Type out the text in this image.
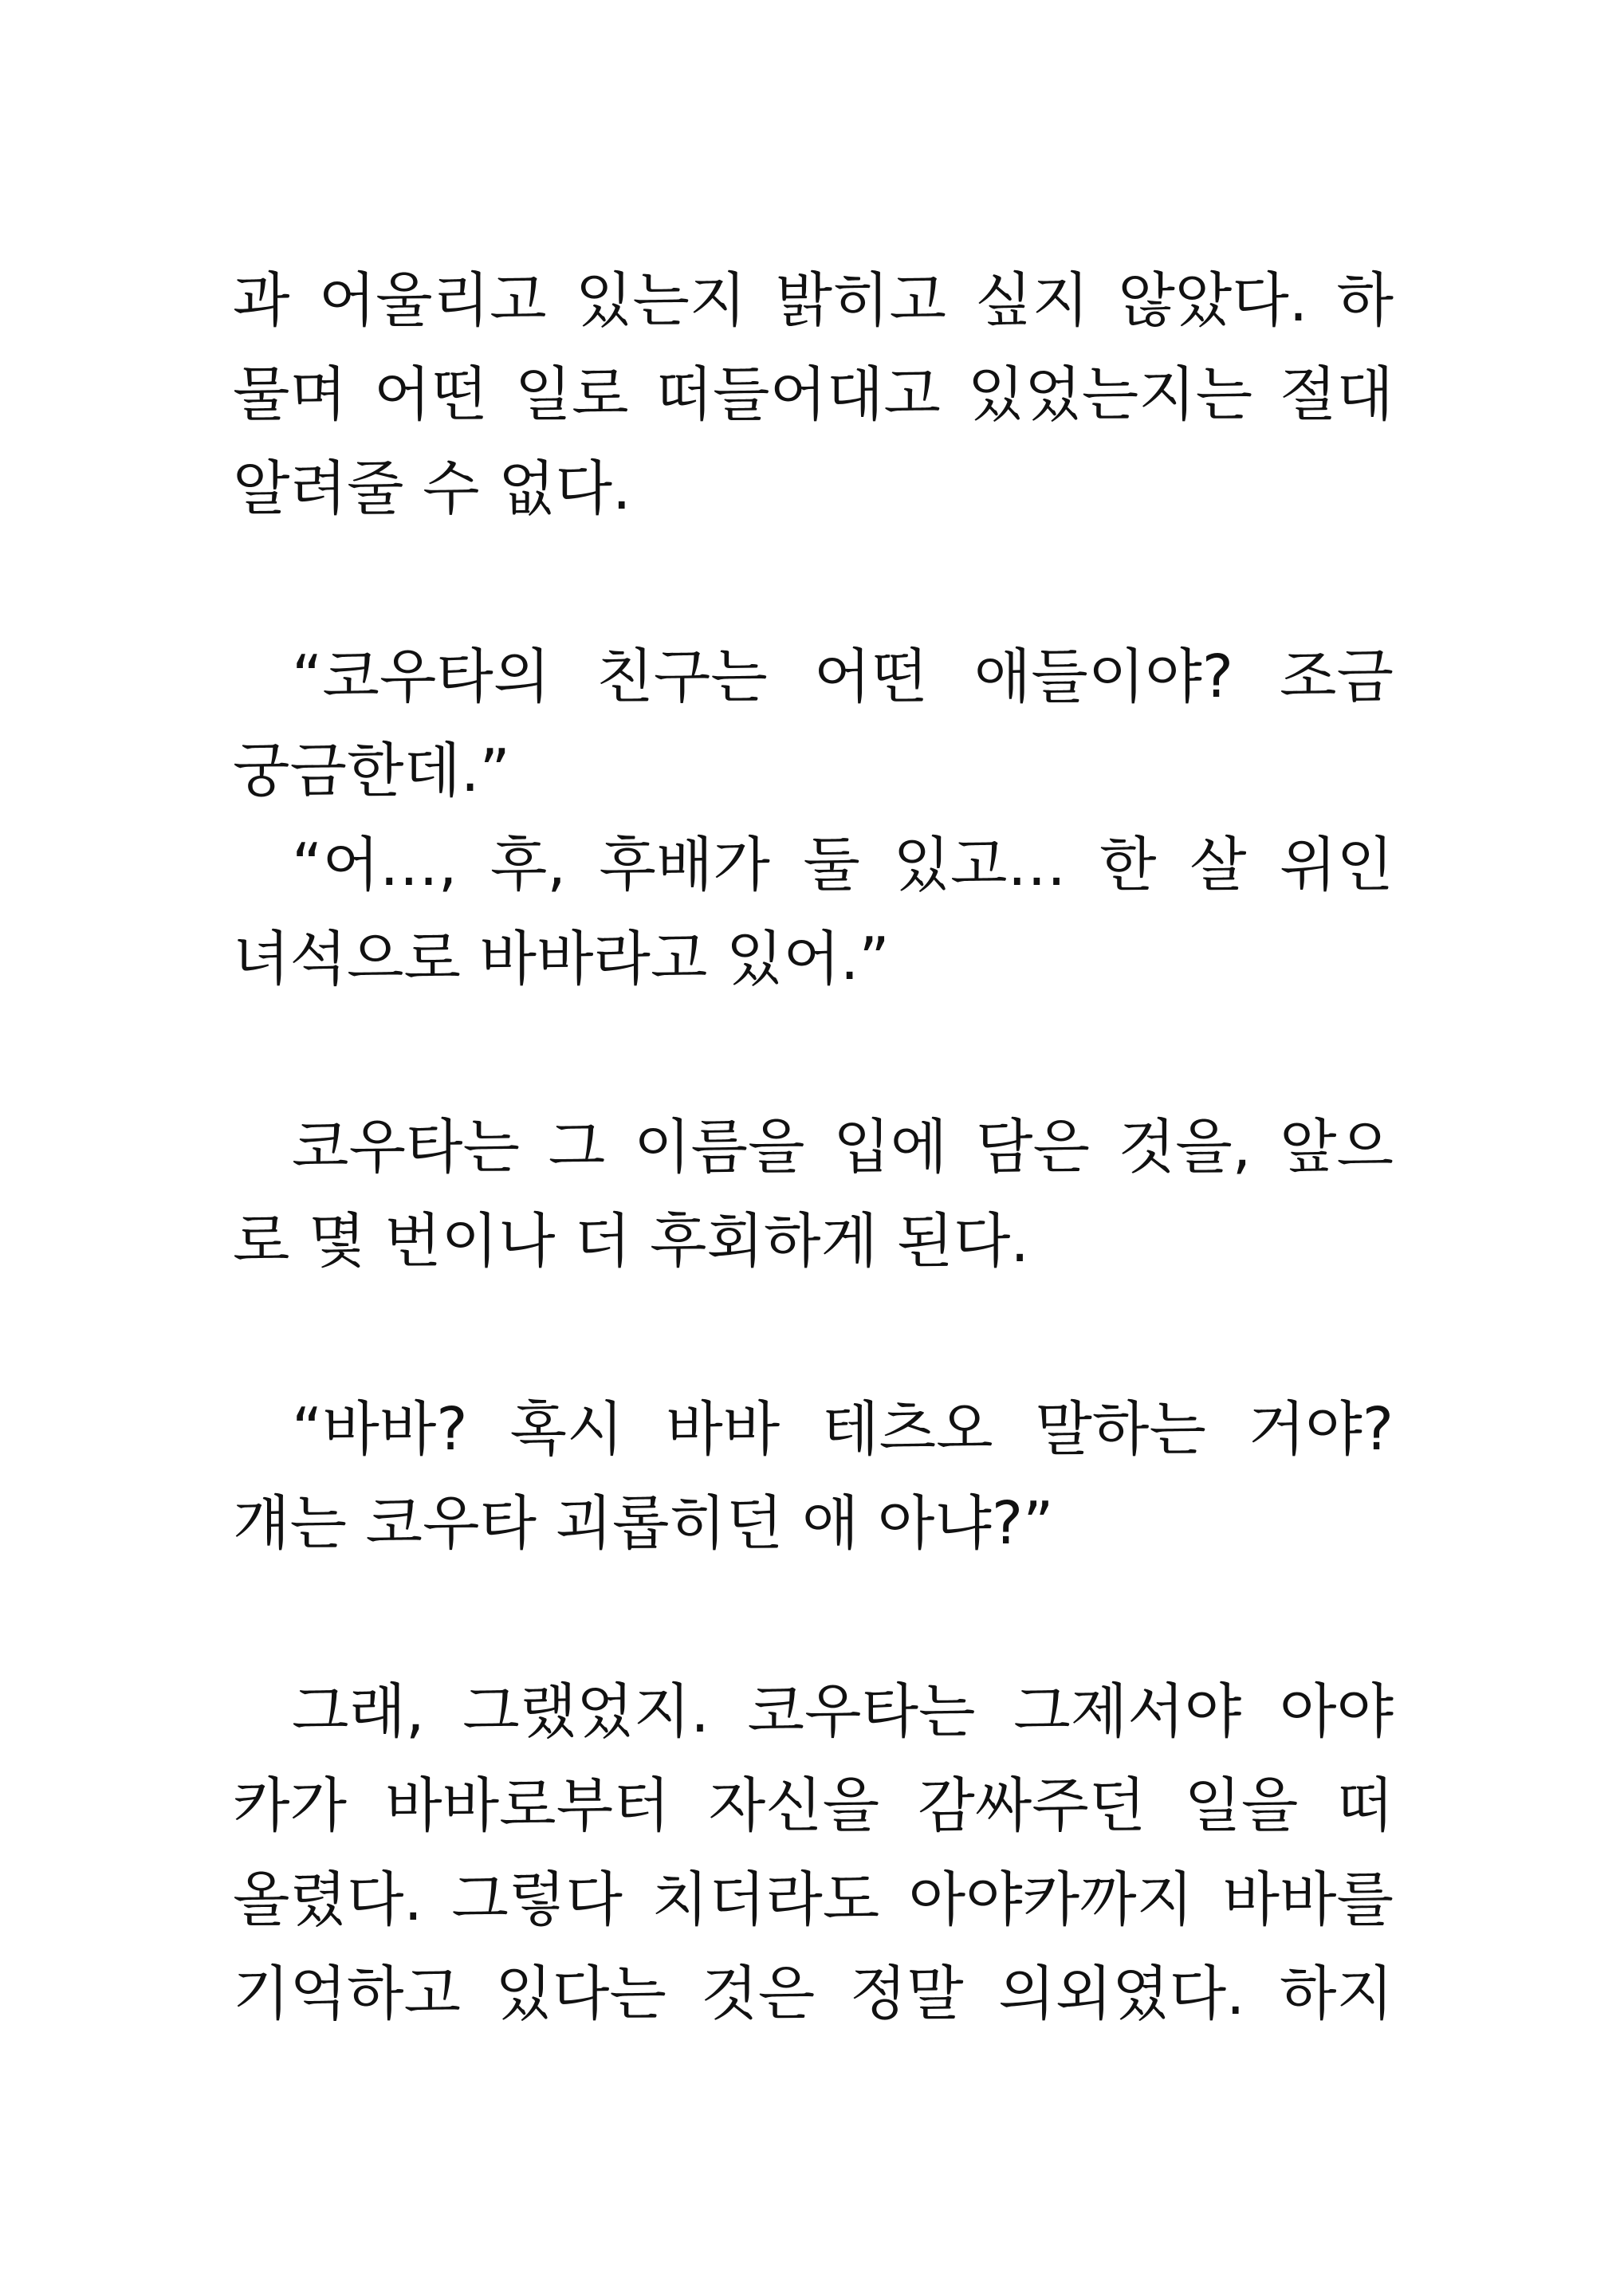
과 어울리고 있는지 밝히고 싶지 않았다. 하
물며 어떤 일로 떠들어대고 있었는지는 절대
알려줄 수 없다.
“코우타의 친구는 어떤 애들이야? 조금
궁금한데.”
“어…, 후, 후배가 둘 있고… 한 살 위인
녀석으로 바바라고 있어.”
코우타는 그 이름을 입에 담은 것을, 앞으
로 몇 번이나 더 후회하게 된다.
“바바? 혹시 바바 테츠오 말하는 거야?
걔는 코우타 괴롭히던 애 아냐?”
그래, 그랬었지. 코우타는 그제서야 아야
카가 바바로부터 자신을 감싸주던 일을 떠
올렸다. 그렇다 치더라도 아야카까지 바바를
기억하고 있다는 것은 정말 의외였다. 하지
